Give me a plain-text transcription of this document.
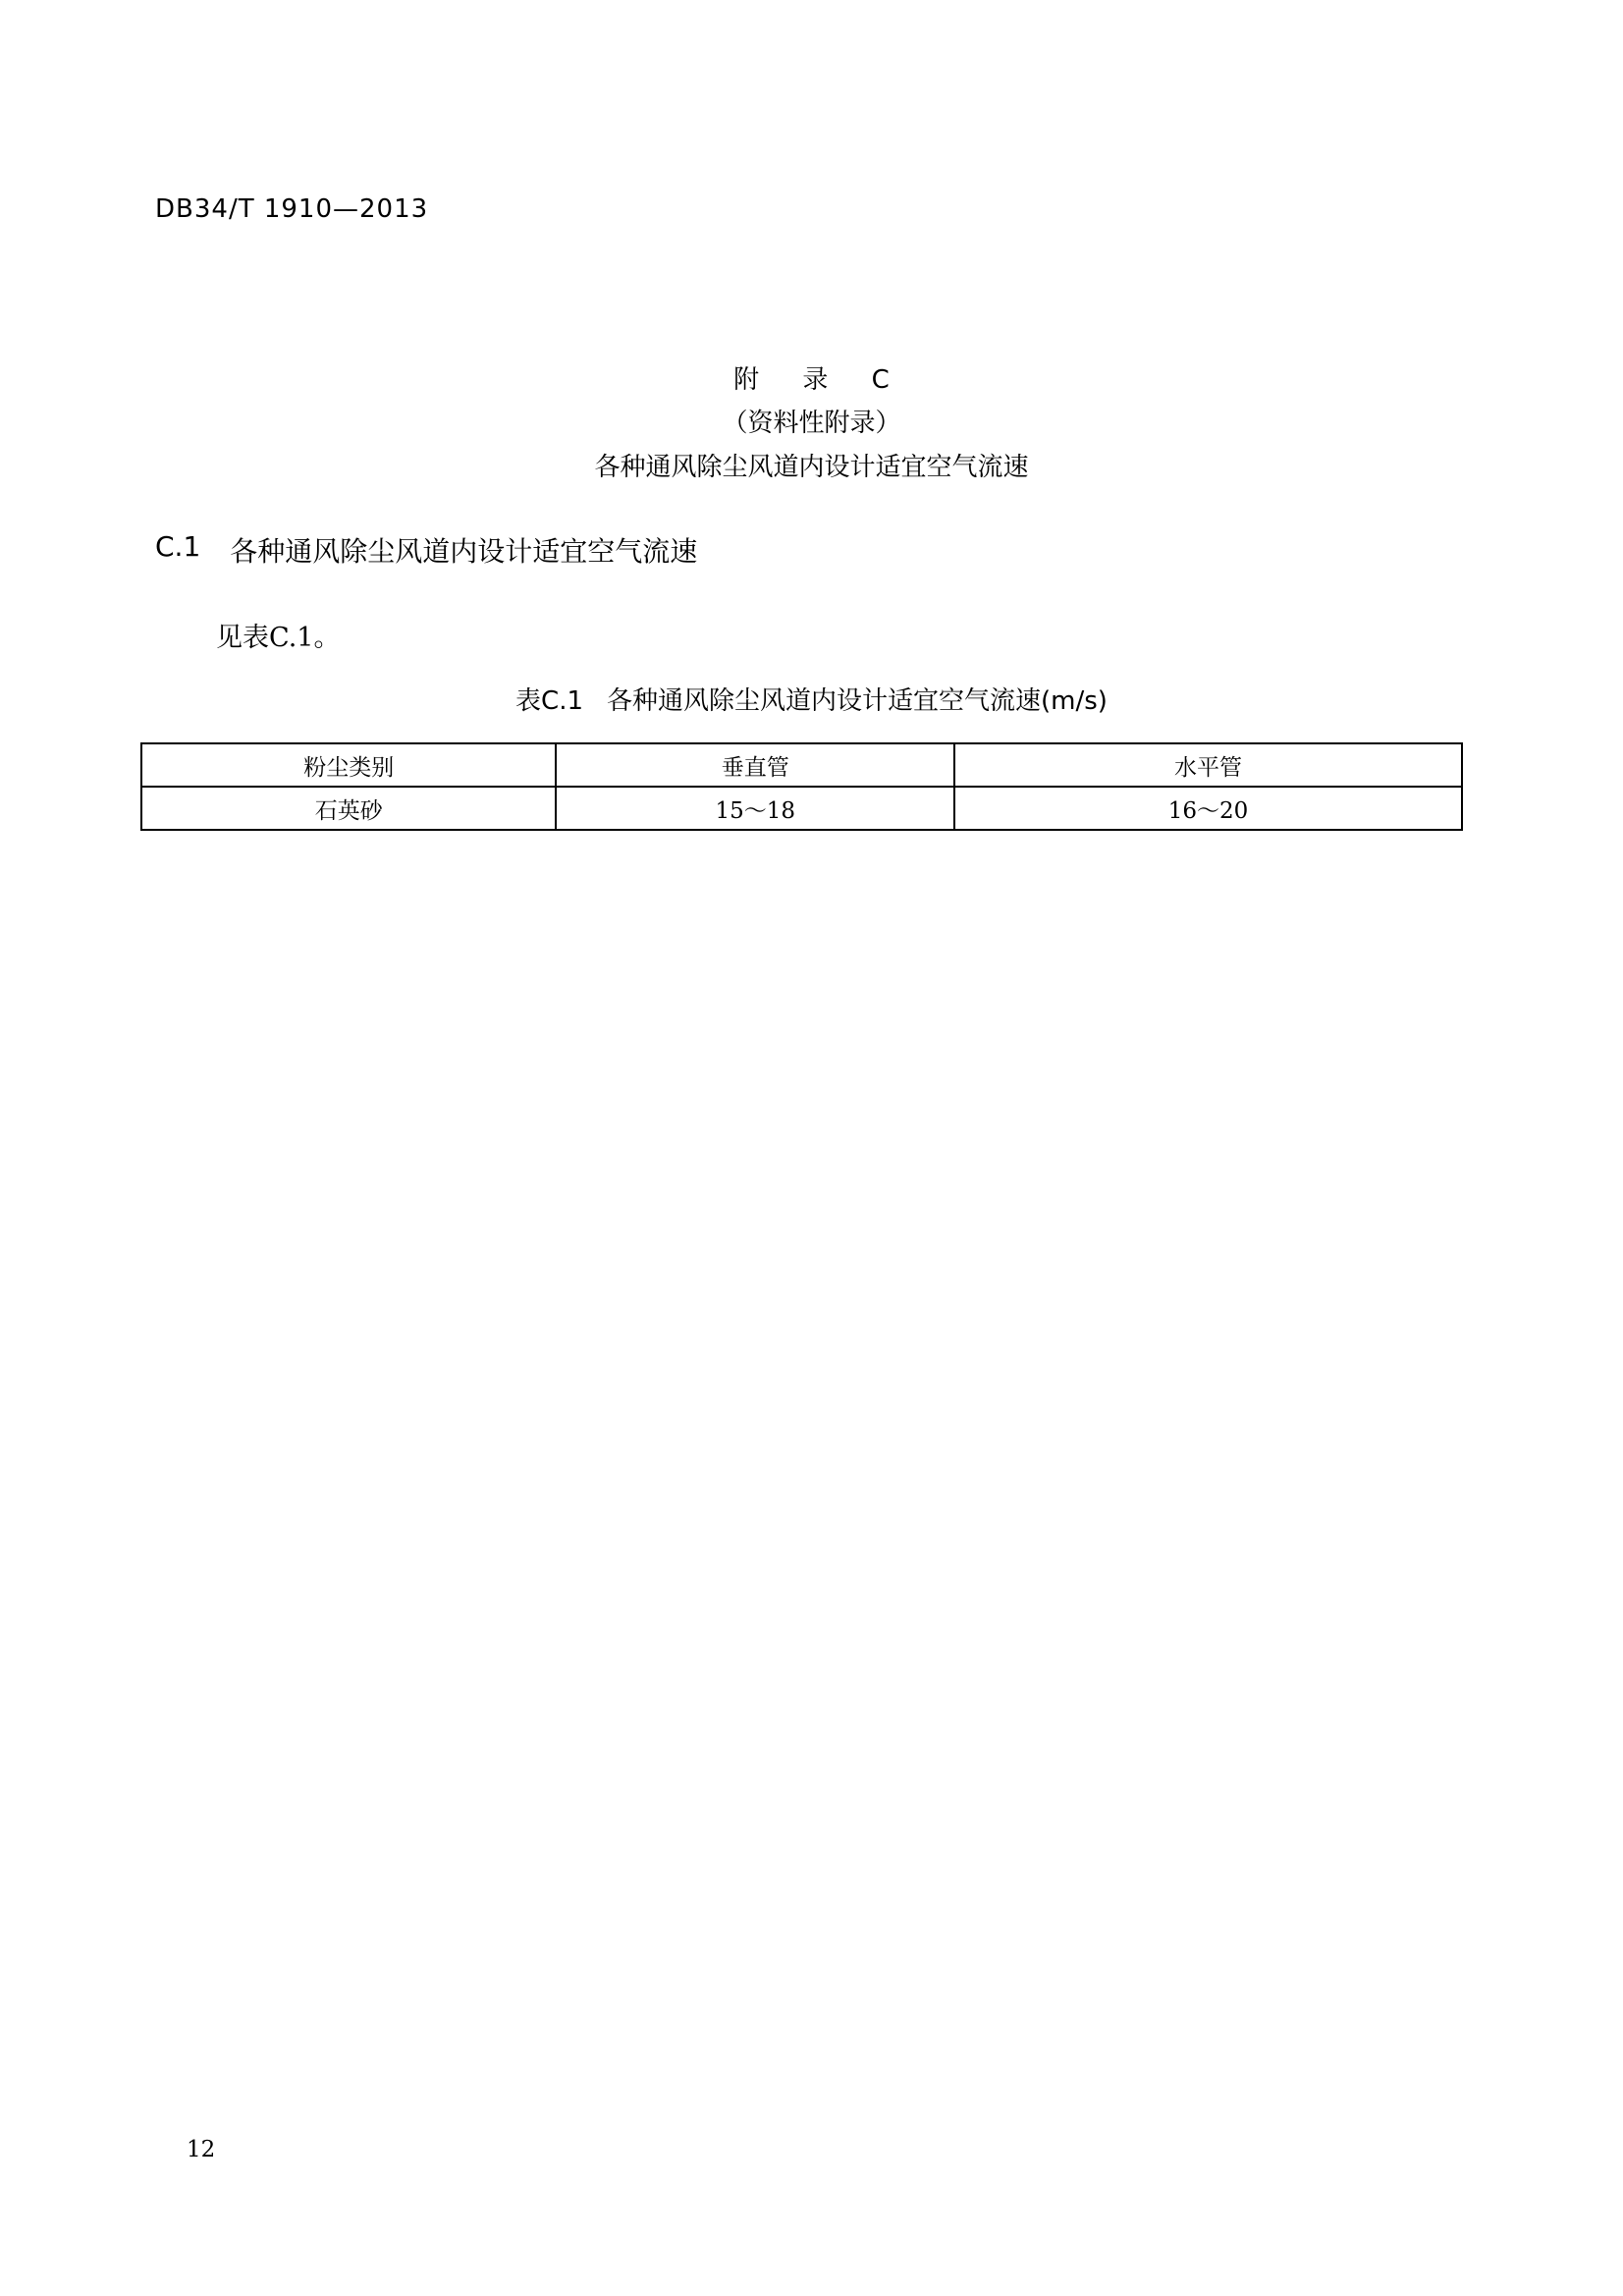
DB34/T 1910—2013
附 录 C
（资料性附录）
各种通风除尘风道内设计适宜空气流速
C.1 各种通风除尘风道内设计适宜空气流速
见表C.1。
表C.1 各种通风除尘风道内设计适宜空气流速(m/s)
粉尘类别	垂直管	水平管
石英砂	15～18	16～20
12
